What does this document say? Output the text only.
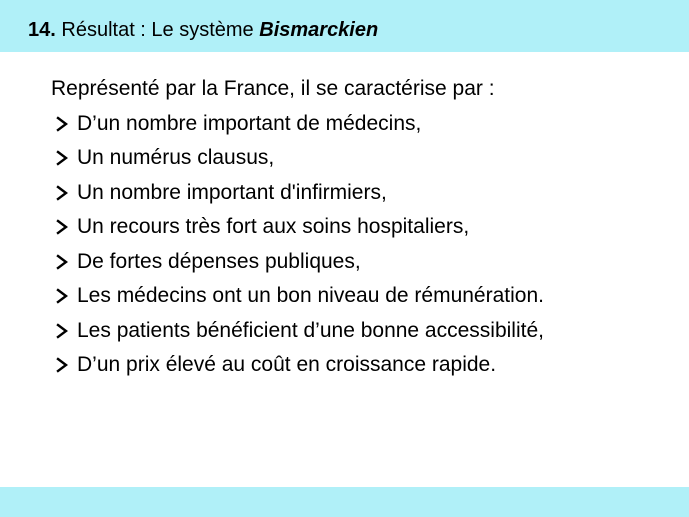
14. Résultat : Le système Bismarckien
Représenté par la France, il se caractérise par :
D’un nombre important de médecins,
Un numérus clausus,
Un nombre important d'infirmiers,
Un recours très fort aux soins hospitaliers,
De fortes dépenses publiques,
Les médecins ont un bon niveau de rémunération.
Les patients bénéficient d’une bonne accessibilité,
D’un prix élevé au coût en croissance rapide.
